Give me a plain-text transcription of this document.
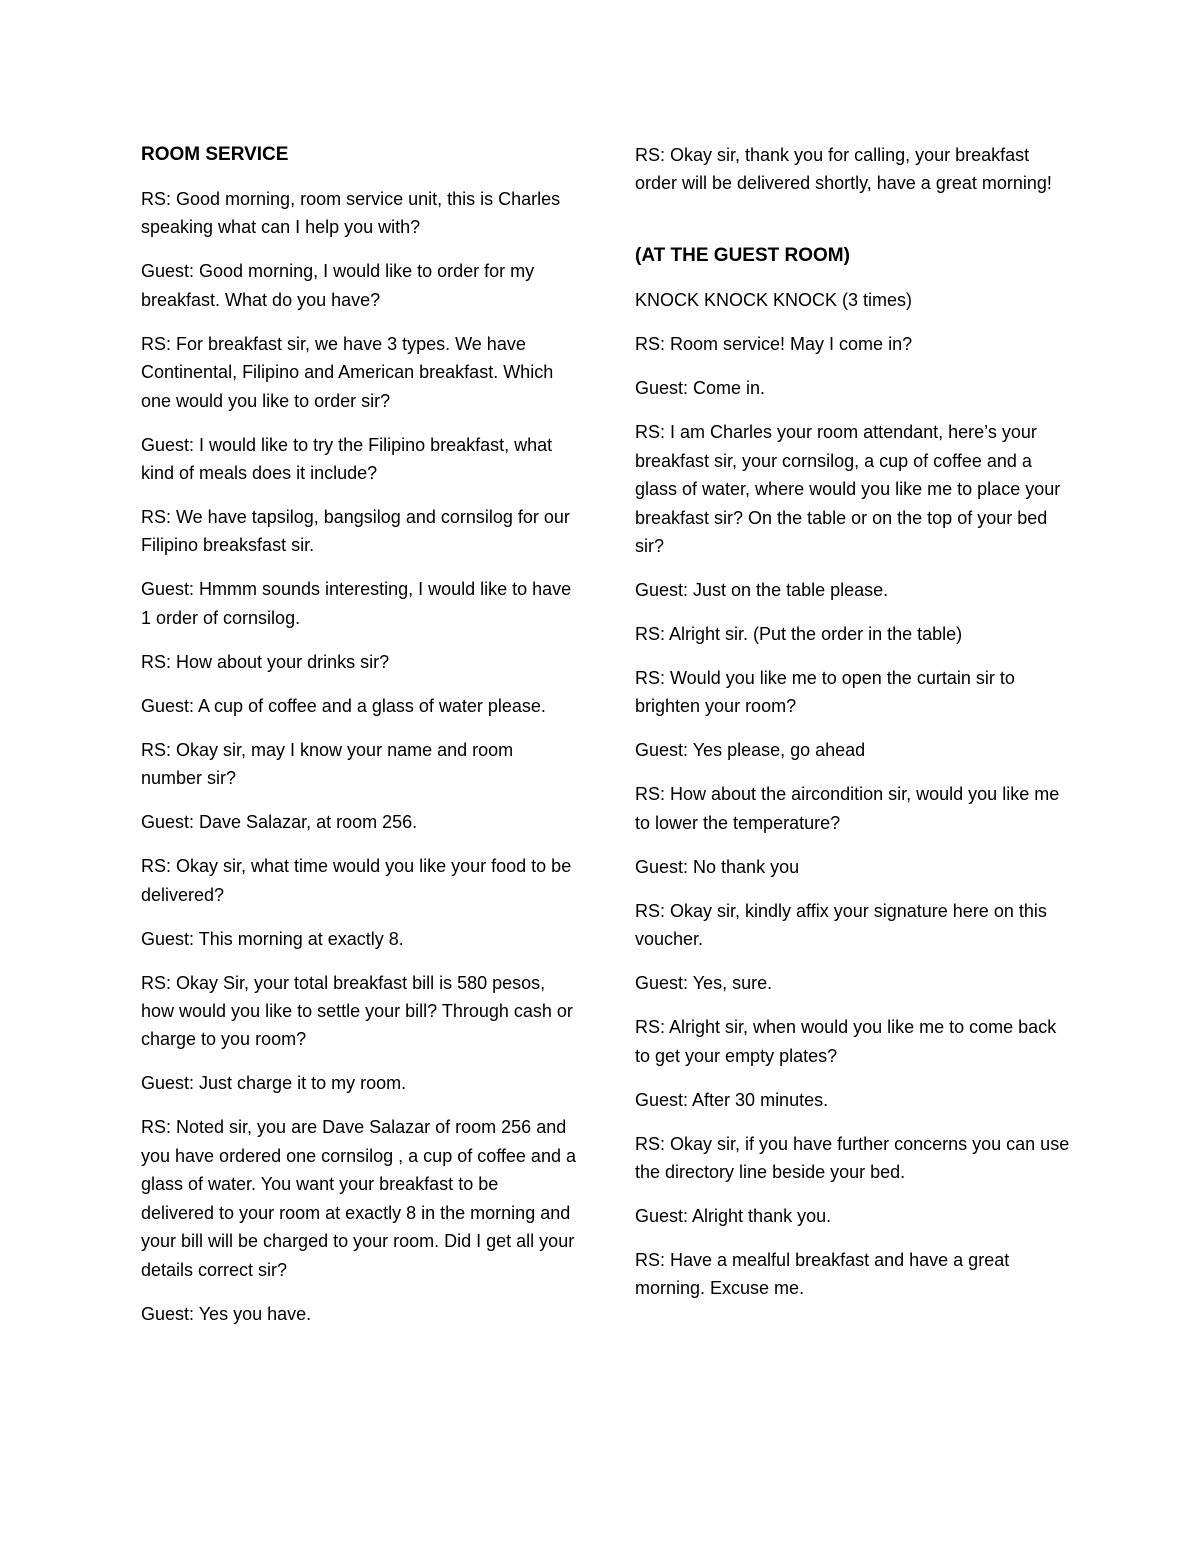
ROOM SERVICE

RS: Good morning, room service unit, this is Charles speaking what can I help you with?

Guest: Good morning, I would like to order for my breakfast. What do you have?

RS: For breakfast sir, we have 3 types. We have Continental, Filipino and American breakfast. Which one would you like to order sir?

Guest: I would like to try the Filipino breakfast, what kind of meals does it include?

RS: We have tapsilog, bangsilog and cornsilog for our Filipino breaksfast sir.

Guest: Hmmm sounds interesting, I would like to have 1 order of cornsilog.

RS: How about your drinks sir?

Guest: A cup of coffee and a glass of water please.

RS: Okay sir, may I know your name and room number sir?

Guest: Dave Salazar, at room 256.

RS: Okay sir, what time would you like your food to be delivered?

Guest: This morning at exactly 8.

RS: Okay Sir, your total breakfast bill is 580 pesos, how would you like to settle your bill? Through cash or charge to you room?

Guest: Just charge it to my room.

RS: Noted sir, you are Dave Salazar of room 256 and you have ordered one cornsilog , a cup of coffee and a glass of water. You want your breakfast to be delivered to your room at exactly 8 in the morning and your bill will be charged to your room. Did I get all your details correct sir?

Guest: Yes you have.

RS: Okay sir, thank you for calling, your breakfast order will be delivered shortly, have a great morning!

(AT THE GUEST ROOM)

KNOCK KNOCK KNOCK (3 times)

RS: Room service! May I come in?

Guest: Come in.

RS: I am Charles your room attendant, here’s your breakfast sir, your cornsilog, a cup of coffee and a glass of water, where would you like me to place your breakfast sir? On the table or on the top of your bed sir?

Guest: Just on the table please.

RS: Alright sir. (Put the order in the table)

RS: Would you like me to open the curtain sir to brighten your room?

Guest: Yes please, go ahead

RS: How about the aircondition sir, would you like me to lower the temperature?

Guest: No thank you

RS: Okay sir, kindly affix your signature here on this voucher.

Guest: Yes, sure.

RS: Alright sir, when would you like me to come back to get your empty plates?

Guest: After 30 minutes.

RS: Okay sir, if you have further concerns you can use the directory line beside your bed.

Guest: Alright thank you.

RS: Have a mealful breakfast and have a great morning. Excuse me.
